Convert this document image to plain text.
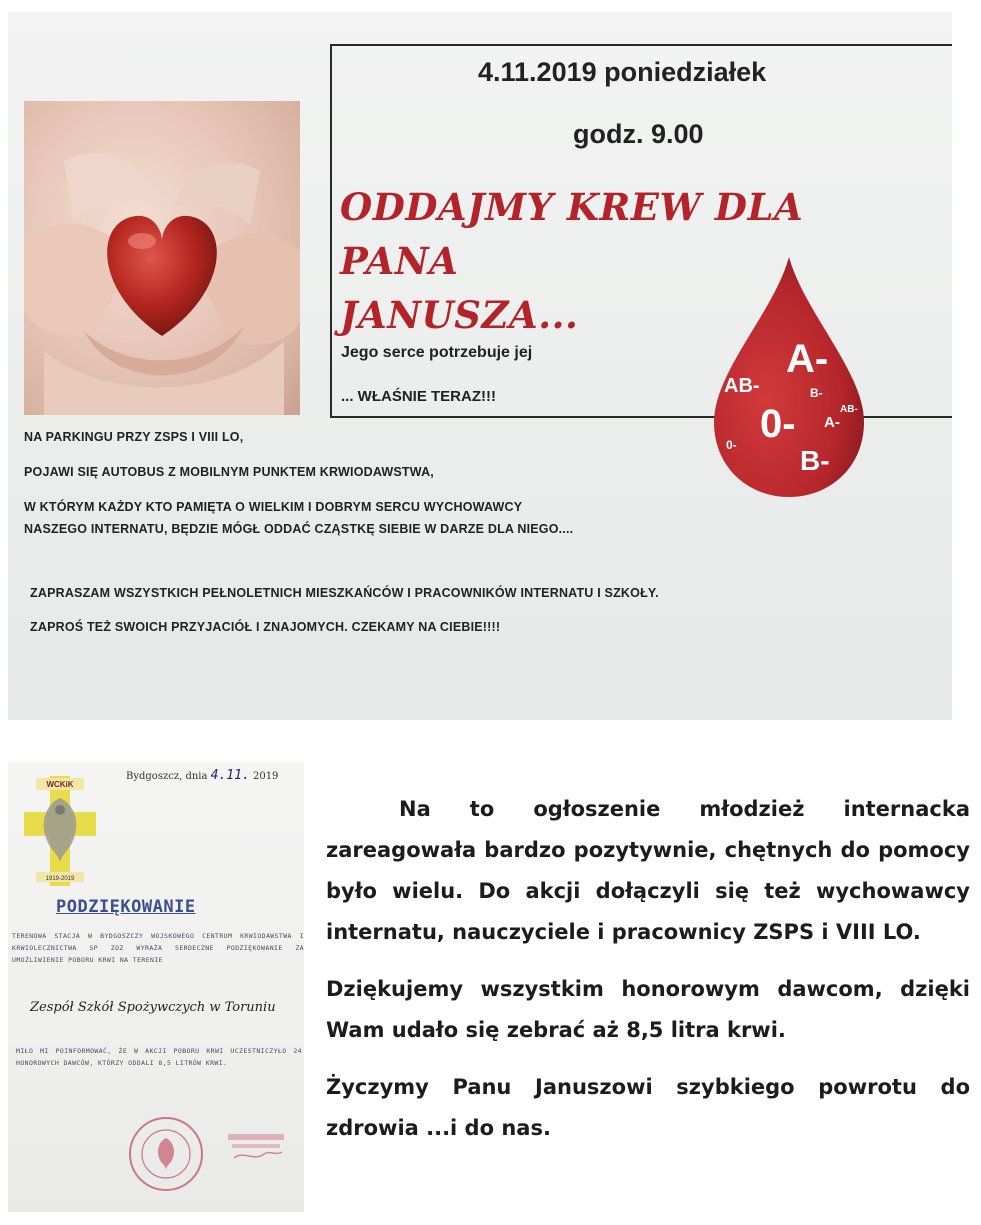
4.11.2019 poniedziałek
godz. 9.00
ODDAJMY KREW DLA PANA
JANUSZA...
Jego serce potrzebuje jej
... WŁAŚNIE TERAZ!!!
A-
AB-	B-
AB-
0- A-
0- B-
NA PARKINGU PRZY ZSPS I VIII LO,
POJAWI SIĘ AUTOBUS Z MOBILNYM PUNKTEM KRWIODAWSTWA,
W KTÓRYM KAŻDY KTO PAMIĘTA O WIELKIM I DOBRYM SERCU WYCHOWAWCY
NASZEGO INTERNATU, BĘDZIE MÓGŁ ODDAĆ CZĄSTKĘ SIEBIE W DARZE DLA NIEGO....
ZAPRASZAM WSZYSTKICH PEŁNOLETNICH MIESZKAŃCÓW I PRACOWNIKÓW INTERNATU I SZKOŁY.
ZAPROŚ TEŻ SWOICH PRZYJACIÓŁ I ZNAJOMYCH. CZEKAMY NA CIEBIE!!!!
WCKiK
1919-2019
Bydgoszcz, dnia 4.11. 2019
PODZIĘKOWANIE
TERENOWA STACJA W BYDGOSZCZY WOJSKOWEGO CENTRUM KRWIODAWSTWA I KRWIOLECZNICTWA SP ZOZ WYRAŻA SERDECZNE PODZIĘKOWANIE ZA UMOŻLIWIENIE POBORU KRWI NA TERENIE
Zespół Szkół Spożywczych w Toruniu
MIŁO MI POINFORMOWAĆ, ŻE W AKCJI POBORU KRWI UCZESTNICZYŁO 24 HONOROWYCH DAWCÓW, KTÓRZY ODDALI 8,5 LITRÓW KRWI.

Na to ogłoszenie młodzież internacka zareagowała bardzo pozytywnie, chętnych do pomocy było wielu. Do akcji dołączyli się też wychowawcy internatu, nauczyciele i pracownicy ZSPS i VIII LO.

Dziękujemy wszystkim honorowym dawcom, dzięki Wam udało się zebrać aż 8,5 litra krwi.

Życzymy Panu Januszowi szybkiego powrotu do zdrowia ...i do nas.
